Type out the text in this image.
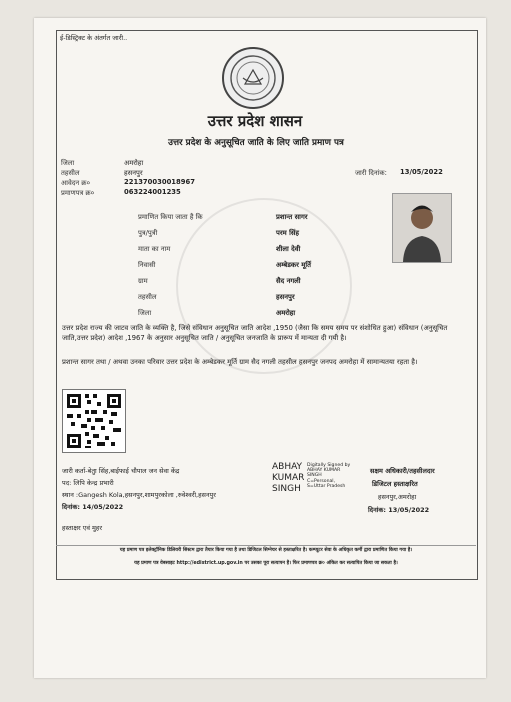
ई-डिस्ट्रिक्ट के अंतर्गत जारी..
उत्तर प्रदेश शासन
उत्तर प्रदेश के अनुसूचित जाति के लिए जाति प्रमाण पत्र
जिला	अमरोहा
तहसील	हसनपुर
आवेदन क्र०	221370030018967
प्रमाणपत्र क्र०	063224001235
जारी दिनांक: 13/05/2022
प्रमाणित किया जाता है कि	प्रशान्त सागर
पुत्र/पुत्री	परम सिंह
माता का नाम	शीला देवी
निवासी	अम्बेडकर मूर्ति
ग्राम	सैद नगली
तहसील	हसनपुर
जिला	अमरोहा
उत्तर प्रदेश राज्य की जाटव जाति के व्यक्ति है, जिसे संविधान अनुसूचित जाति आदेश ,1950 (जैसा कि समय समय पर संशोधित हुआ) संविधान (अनुसूचित जाति,उत्तर प्रदेश) आदेश ,1967 के अनुसार अनुसूचित जाति / अनुसूचित जनजाति के प्रारूप में मान्यता दी गयी है।
प्रशान्त सागर तथा / अथवा उनका परिवार उत्तर प्रदेश के अम्बेडकर मूर्ति ग्राम सैद नगली तहसील हसनपुर जनपद अमरोहा में सामान्यतया रहता है।
जारी कर्ता-बेतुा सिंह,बाईफाई चौपाल जन सेवा केंद्र
पद: लिपि केन्द्र प्रभारी
स्थान :Gangesh Kola,हसनपुर,शामपुरकोला ,रुवेश्वरी,हसनपुर
दिनांक: 14/05/2022
हस्ताक्षर एवं मुहर
ABHAY
KUMAR
SINGH
Digitally Signed by ABHAY KUMAR SINGH C=Personal, S=Uttar Pradesh
सक्षम अधिकारी/तहसीलदार
डिजिटल हस्ताक्षरित
हसनपुर,अमरोहा
दिनांक: 13/05/2022
यह प्रमाण पत्र इलेक्ट्रॉनिक डिलिवरी सिस्टम द्वारा तैयार किया गया है तथा डिजिटल सिग्नेचर से हस्ताक्षरित है। कम्प्यूटर सेवा के अधिकृत कर्मी द्वारा प्रमाणित किया गया है।
यह प्रमाण पत्र वेबसाइट http://edistrict.up.gov.in पर उसका पूरा सत्यापन है। फिर प्रमाणपत्र क्र० अंकित कर सत्यापित किया जा सकता है।
